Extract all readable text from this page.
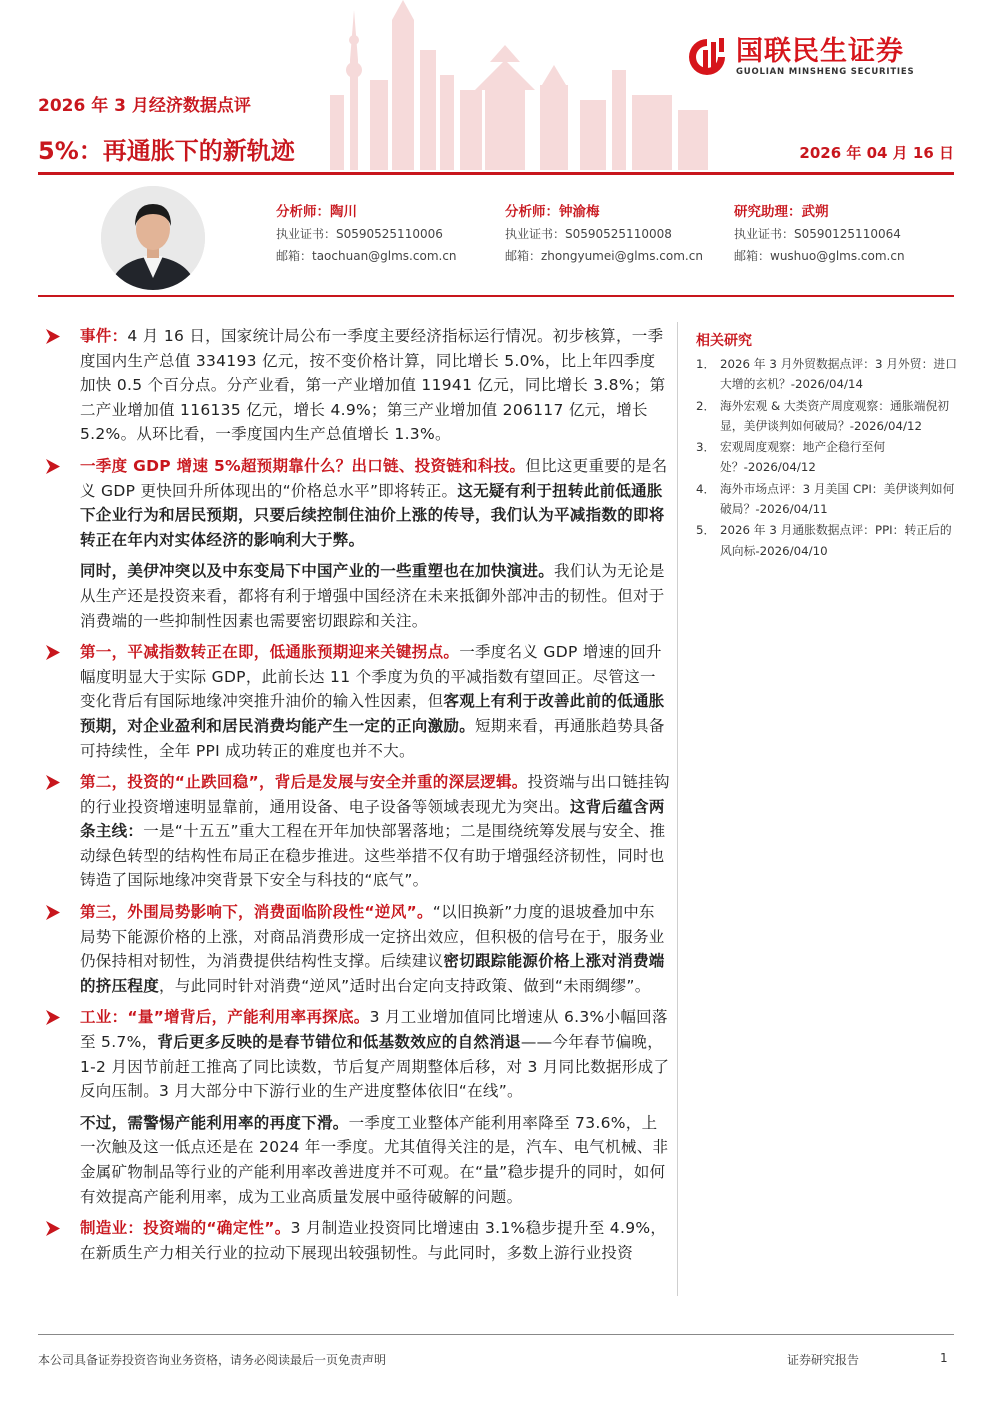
国联民生证券
GUOLIAN MINSHENG SECURITIES
2026 年 3 月经济数据点评
5%：再通胀下的新轨迹	2026 年 04 月 16 日
分析师：陶川
执业证书：S0590525110006
邮箱：taochuan@glms.com.cn
分析师：钟渝梅
执业证书：S0590525110008
邮箱：zhongyumei@glms.com.cn
研究助理：武朔
执业证书：S0590125110064
邮箱：wushuo@glms.com.cn
事件：4 月 16 日，国家统计局公布一季度主要经济指标运行情况。初步核算，一季度国内生产总值 334193 亿元，按不变价格计算，同比增长 5.0%，比上年四季度加快 0.5 个百分点。分产业看，第一产业增加值 11941 亿元，同比增长 3.8%；第二产业增加值 116135 亿元，增长 4.9%；第三产业增加值 206117 亿元，增长 5.2%。从环比看，一季度国内生产总值增长 1.3%。
一季度 GDP 增速 5%超预期靠什么？出口链、投资链和科技。但比这更重要的是名义 GDP 更快回升所体现出的“价格总水平”即将转正。这无疑有利于扭转此前低通胀下企业行为和居民预期，只要后续控制住油价上涨的传导，我们认为平减指数的即将转正在年内对实体经济的影响利大于弊。
同时，美伊冲突以及中东变局下中国产业的一些重塑也在加快演进。我们认为无论是从生产还是投资来看，都将有利于增强中国经济在未来抵御外部冲击的韧性。但对于消费端的一些抑制性因素也需要密切跟踪和关注。
第一，平减指数转正在即，低通胀预期迎来关键拐点。一季度名义 GDP 增速的回升幅度明显大于实际 GDP，此前长达 11 个季度为负的平减指数有望回正。尽管这一变化背后有国际地缘冲突推升油价的输入性因素，但客观上有利于改善此前的低通胀预期，对企业盈利和居民消费均能产生一定的正向激励。短期来看，再通胀趋势具备可持续性，全年 PPI 成功转正的难度也并不大。
第二，投资的“止跌回稳”，背后是发展与安全并重的深层逻辑。投资端与出口链挂钩的行业投资增速明显靠前，通用设备、电子设备等领域表现尤为突出。这背后蕴含两条主线：一是“十五五”重大工程在开年加快部署落地；二是围绕统筹发展与安全、推动绿色转型的结构性布局正在稳步推进。这些举措不仅有助于增强经济韧性，同时也铸造了国际地缘冲突背景下安全与科技的“底气”。
第三，外围局势影响下，消费面临阶段性“逆风”。“以旧换新”力度的退坡叠加中东局势下能源价格的上涨，对商品消费形成一定挤出效应，但积极的信号在于，服务业仍保持相对韧性，为消费提供结构性支撑。后续建议密切跟踪能源价格上涨对消费端的挤压程度，与此同时针对消费“逆风”适时出台定向支持政策、做到“未雨绸缪”。
工业：“量”增背后，产能利用率再探底。3 月工业增加值同比增速从 6.3%小幅回落至 5.7%，背后更多反映的是春节错位和低基数效应的自然消退——今年春节偏晚，1-2 月因节前赶工推高了同比读数，节后复产周期整体后移，对 3 月同比数据形成了反向压制。3 月大部分中下游行业的生产进度整体依旧“在线”。
不过，需警惕产能利用率的再度下滑。一季度工业整体产能利用率降至 73.6%，上一次触及这一低点还是在 2024 年一季度。尤其值得关注的是，汽车、电气机械、非金属矿物制品等行业的产能利用率改善进度并不可观。在“量”稳步提升的同时，如何有效提高产能利用率，成为工业高质量发展中亟待破解的问题。
制造业：投资端的“确定性”。3 月制造业投资同比增速由 3.1%稳步提升至 4.9%，在新质生产力相关行业的拉动下展现出较强韧性。与此同时，多数上游行业投资
相关研究
1． 2026 年 3 月外贸数据点评：3 月外贸：进口大增的玄机？-2026/04/14
2． 海外宏观 & 大类资产周度观察：通胀端倪初显，美伊谈判如何破局？-2026/04/12
3． 宏观周度观察：地产企稳行至何处？-2026/04/12
4． 海外市场点评：3 月美国 CPI：美伊谈判如何破局？-2026/04/11
5． 2026 年 3 月通胀数据点评：PPI：转正后的风向标-2026/04/10
本公司具备证券投资咨询业务资格，请务必阅读最后一页免责声明	证券研究报告	1
